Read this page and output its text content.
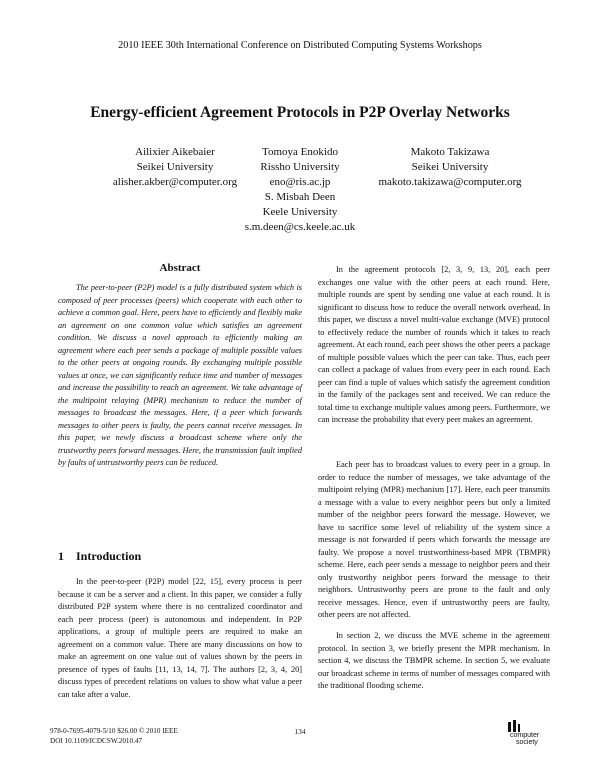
2010 IEEE 30th International Conference on Distributed Computing Systems Workshops
Energy-efficient Agreement Protocols in P2P Overlay Networks
Ailixier Aikebaier
Seikei University
alisher.akber@computer.org
Tomoya Enokido
Rissho University
eno@ris.ac.jp
Makoto Takizawa
Seikei University
makoto.takizawa@computer.org
S. Misbah Deen
Keele University
s.m.deen@cs.keele.ac.uk
Abstract

The peer-to-peer (P2P) model is a fully distributed system which is composed of peer processes (peers) which cooperate with each other to achieve a common goal. Here, peers have to efficiently and flexibly make an agreement on one common value which satisfies an agreement condition. We discuss a novel approach to efficiently making an agreement where each peer sends a package of multiple possible values to the other peers at ongoing rounds. By exchanging multiple possible values at once, we can significantly reduce time and number of messages and increase the possibility to reach an agreement. We take advantage of the multipoint relaying (MPR) mechanism to reduce the number of messages to broadcast the messages. Here, if a peer which forwards messages to other peers is faulty, the peers cannot receive messages. In this paper, we newly discuss a broadcast scheme where only the trustworthy peers forward messages. Here, the transmission fault implied by faults of untrustworthy peers can be reduced.

1 Introduction

In the peer-to-peer (P2P) model [22, 15], every process is peer because it can be a server and a client. In this paper, we consider a fully distributed P2P system where there is no centralized coordinator and each peer process (peer) is autonomous and independent. In P2P applications, a group of multiple peers are required to make an agreement on a common value. There are many discussions on how to make an agreement on one value out of values shown by the peers in presence of types of faults [11, 13, 14, 7]. The authors [2, 3, 4, 20] discuss types of precedent relations on values to show what value a peer can take after a value.

In the agreement protocols [2, 3, 9, 13, 20], each peer exchanges one value with the other peers at each round. Here, multiple rounds are spent by sending one value at each round. It is significant to discuss how to reduce the overall network overhead. In this paper, we discuss a novel multi-value exchange (MVE) protocol to effectively reduce the number of rounds which it takes to reach agreement. At each round, each peer shows the other peers a package of multiple possible values which the peer can take. Thus, each peer can collect a package of values from every peer in each round. Each peer can find a tuple of values which satisfy the agreement condition in the family of the packages sent and received. We can reduce the total time to exchange multiple values among peers. Furthermore, we can increase the probability that every peer makes an agreement.

Each peer has to broadcast values to every peer in a group. In order to reduce the number of messages, we take advantage of the multipoint relying (MPR) mechanism [17]. Here, each peer transmits a message with a value to every neighbor peers but only a limited number of the neighbor peers forward the message. However, we have to sacrifice some level of reliability of the system since a message is not forwarded if peers which forwards the message are faulty. We propose a novel trustworthiness-based MPR (TBMPR) scheme. Here, each peer sends a message to neighbor peers and their only trustworthy neighbor peers forward the message to their neighbors. Untrustworthy peers are prone to the fault and only receive messages. Hence, even if untrustworthy peers are faulty, other peers are not affected.

In section 2, we discuss the MVE scheme in the agreement protocol. In section 3, we briefly present the MPR mechanism. In section 4, we discuss the TBMPR scheme. In section 5, we evaluate our broadcast scheme in terms of number of messages compared with the traditional flooding scheme.

978-0-7695-4079-5/10 $26.00 © 2010 IEEE
DOI 10.1109/ICDCSW.2010.47
134	computer
society
